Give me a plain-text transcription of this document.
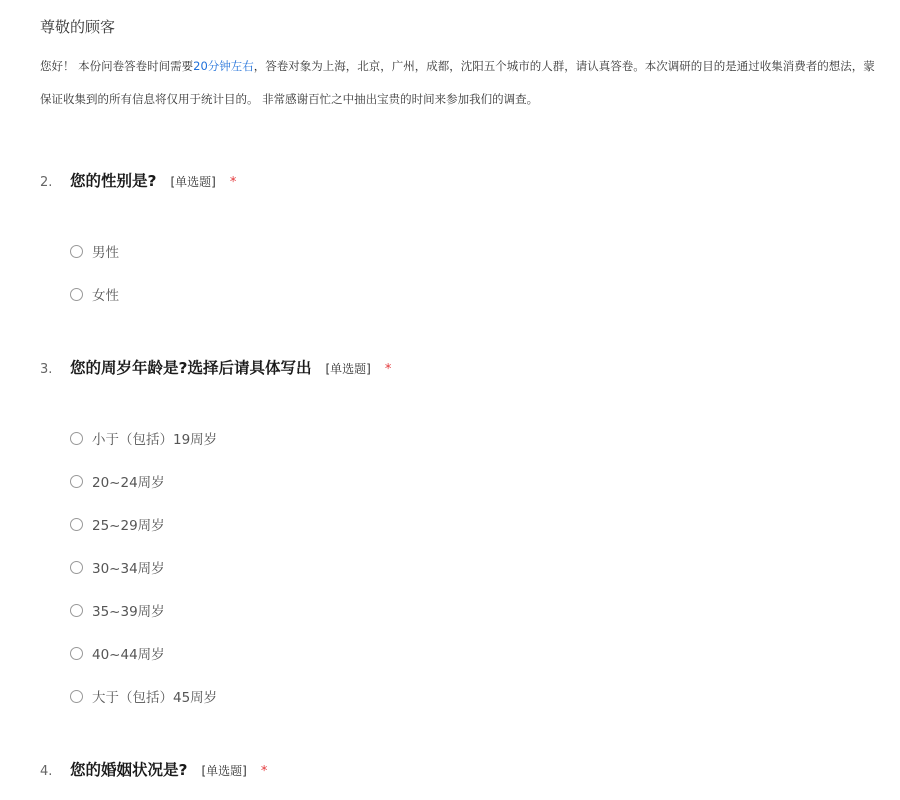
尊敬的顾客

您好！ 本份问卷答卷时间需要20分钟左右，答卷对象为上海，北京，广州，成都，沈阳五个城市的人群，请认真答卷。本次调研的目的是通过收集消费者的想法，蒙

保证收集到的所有信息将仅用于统计目的。 非常感谢百忙之中抽出宝贵的时间来参加我们的调查。

2.	您的性别是? [单选题] *
男性
女性
3.	您的周岁年龄是?选择后请具体写出 [单选题] *
小于（包括）19周岁
20~24周岁
25~29周岁
30~34周岁
35~39周岁
40~44周岁
大于（包括）45周岁
4.	您的婚姻状况是? [单选题] *
